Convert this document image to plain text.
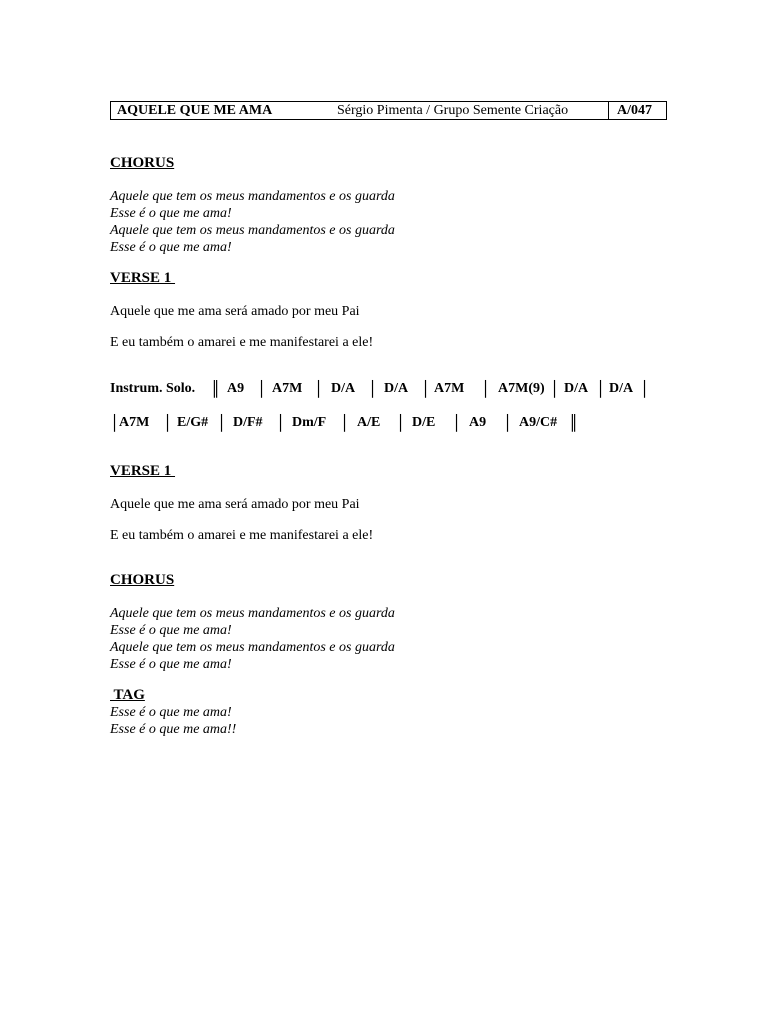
AQUELE QUE ME AMA	Sérgio Pimenta / Grupo Semente Criação	A/047
CHORUS
Aquele que tem os meus mandamentos e os guarda
Esse é o que me ama!
Aquele que tem os meus mandamentos e os guarda
Esse é o que me ama!
VERSE 1
Aquele que me ama será amado por meu Pai
E eu também o amarei e me manifestarei a ele!

Instrum. Solo.

║

A9

│

A7M

│

D/A

│

D/A

│

A7M

│

A7M(9)

│

D/A

│

D/A

│

│

A7M

│

E/G#

│

D/F#

│

Dm/F

│

A/E

│

D/E

│

A9

│

A9/C#

║

VERSE 1
Aquele que me ama será amado por meu Pai
E eu também o amarei e me manifestarei a ele!
CHORUS
Aquele que tem os meus mandamentos e os guarda
Esse é o que me ama!
Aquele que tem os meus mandamentos e os guarda
Esse é o que me ama!
TAG
Esse é o que me ama!
Esse é o que me ama!!
